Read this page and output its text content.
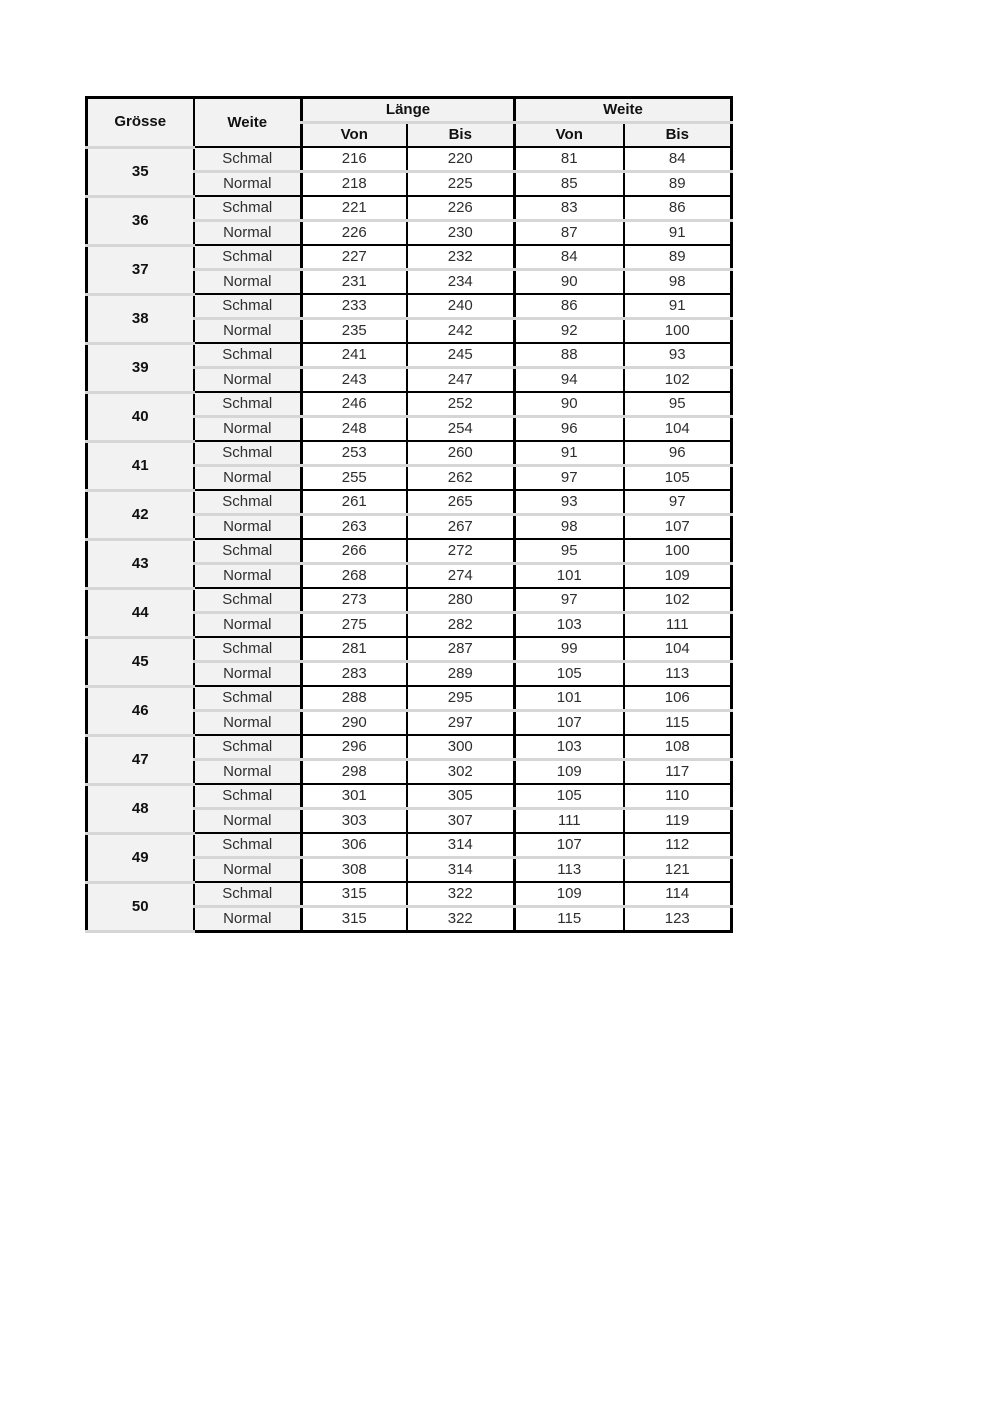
Grösse	Weite	Länge		Weite	
		Von	Bis	Von	Bis
35	Schmal	216	220	81	84
	Normal	218	225	85	89
36	Schmal	221	226	83	86
	Normal	226	230	87	91
37	Schmal	227	232	84	89
	Normal	231	234	90	98
38	Schmal	233	240	86	91
	Normal	235	242	92	100
39	Schmal	241	245	88	93
	Normal	243	247	94	102
40	Schmal	246	252	90	95
	Normal	248	254	96	104
41	Schmal	253	260	91	96
	Normal	255	262	97	105
42	Schmal	261	265	93	97
	Normal	263	267	98	107
43	Schmal	266	272	95	100
	Normal	268	274	101	109
44	Schmal	273	280	97	102
	Normal	275	282	103	111
45	Schmal	281	287	99	104
	Normal	283	289	105	113
46	Schmal	288	295	101	106
	Normal	290	297	107	115
47	Schmal	296	300	103	108
	Normal	298	302	109	117
48	Schmal	301	305	105	110
	Normal	303	307	111	119
49	Schmal	306	314	107	112
	Normal	308	314	113	121
50	Schmal	315	322	109	114
	Normal	315	322	115	123
